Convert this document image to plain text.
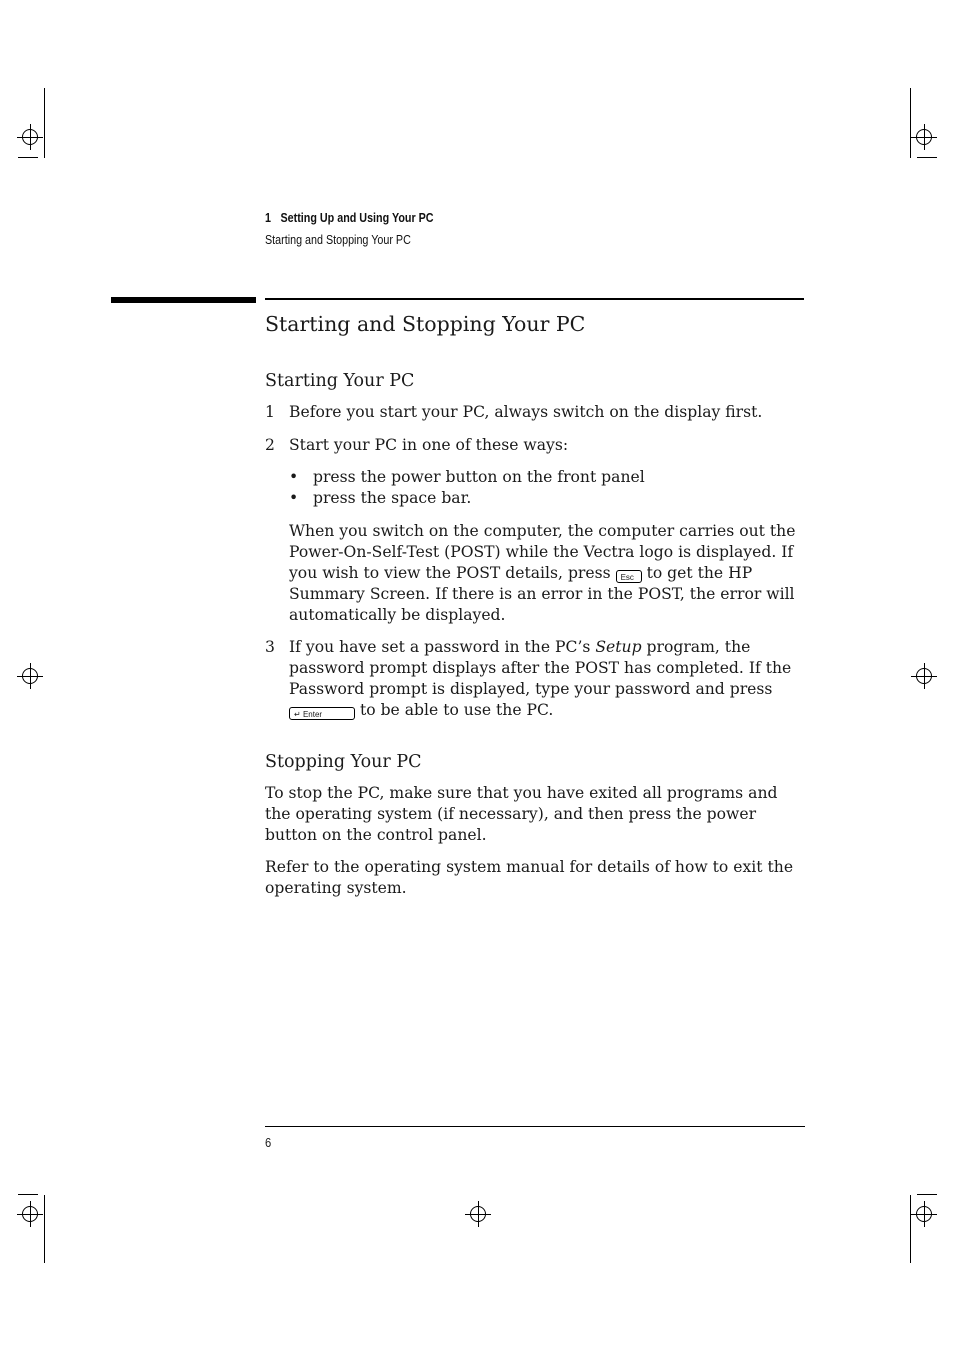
1 Setting Up and Using Your PC
Starting and Stopping Your PC
Starting and Stopping Your PC
Starting Your PC
1 Before you start your PC, always switch on the display first.
2 Start your PC in one of these ways:
• press the power button on the front panel
• press the space bar.

When you switch on the computer, the computer carries out the Power-On-Self-Test (POST) while the Vectra logo is displayed. If you wish to view the POST details, press Esc to get the HP Summary Screen. If there is an error in the POST, the error will automatically be displayed.

3 If you have set a password in the PC’s Setup program, the password prompt displays after the POST has completed. If the Password prompt is displayed, type your password and press ↵ Enter to be able to use the PC.
Stopping Your PC

To stop the PC, make sure that you have exited all programs and the operating system (if necessary), and then press the power button on the control panel.

Refer to the operating system manual for details of how to exit the operating system.

6
